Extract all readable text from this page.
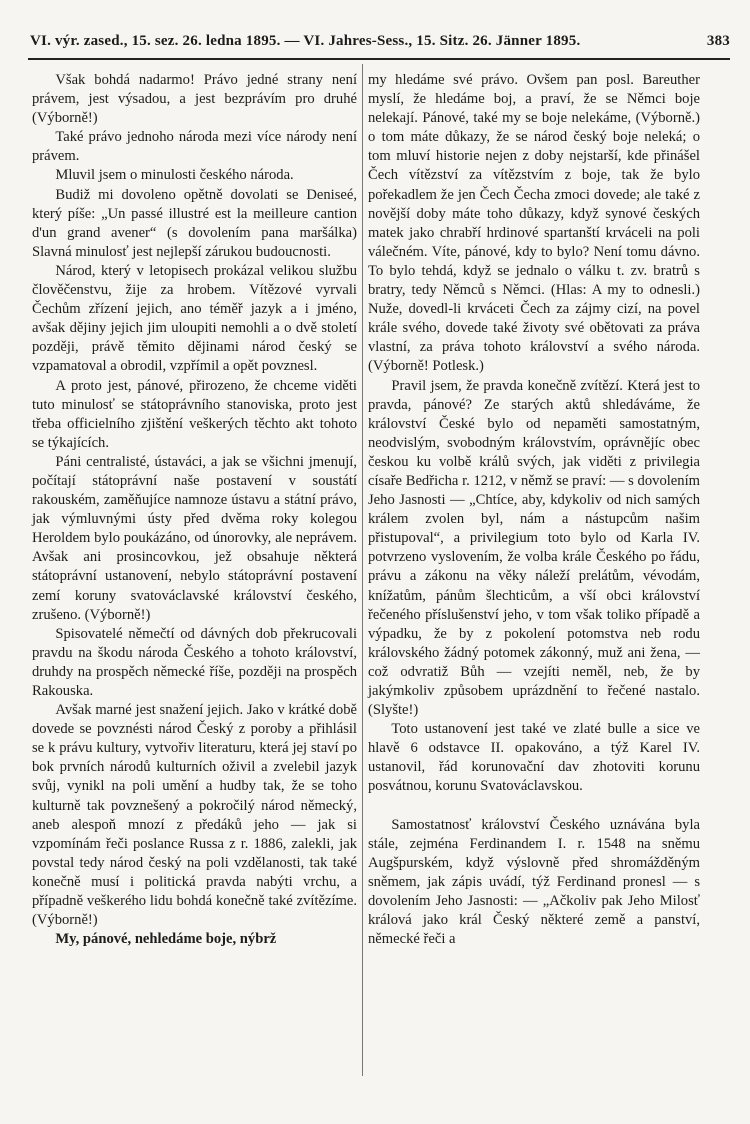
VI. výr. zased., 15. sez. 26. ledna 1895. — VI. Jahres-Sess., 15. Sitz. 26. Jänner 1895.	383

Však bohdá nadarmo! Právo jedné strany není právem, jest výsadou, a jest bezprávím pro druhé (Výborně!)

Také právo jednoho národa mezi více národy není právem.

Mluvil jsem o minulosti českého národa.

Budiž mi dovoleno opětně dovolati se Deniseé, který píše: „Un passé illustré est la meilleure cantion d'un grand avener“ (s dovolením pana maršálka) Slavná minulosť jest nejlepší zárukou budoucnosti.

Národ, který v letopisech prokázal velikou službu člověčenstvu, žije za hrobem. Vítězové vyrvali Čechům zřízení jejich, ano téměř jazyk a i jméno, avšak dějiny jejich jim uloupiti nemohli a o dvě století později, právě těmito dějinami národ český se vzpamatoval a obrodil, vzpřímil a opět povznesl.

A proto jest, pánové, přirozeno, že chceme viděti tuto minulosť se státoprávního stanoviska, proto jest třeba officielního zjištění veškerých těchto akt tohoto se týkajících.

Páni centralisté, ústaváci, a jak se všichni jmenují, počítají státoprávní naše postavení v soustátí rakouském, zaměňujíce namnoze ústavu a státní právo, jak výmluvnými ústy před dvěma roky kolegou Heroldem bylo poukázáno, od únorovky, ale neprávem. Avšak ani prosincovkou, jež obsahuje některá státoprávní ustanovení, nebylo státoprávní postavení zemí koruny svatováclavské království českého, zrušeno. (Výborně!)

Spisovatelé němečtí od dávných dob překrucovali pravdu na škodu národa Českého a tohoto království, druhdy na prospěch německé říše, později na prospěch Rakouska.

Avšak marné jest snažení jejich. Jako v krátké době dovede se povznésti národ Český z poroby a přihlásil se k právu kultury, vytvořiv literaturu, která jej staví po bok prvních národů kulturních oživil a zvelebil jazyk svůj, vynikl na poli umění a hudby tak, že se toho kulturně tak povznešený a pokročilý národ německý, aneb alespoň mnozí z předáků jeho — jak si vzpomínám řeči poslance Russa z r. 1886, zalekli, jak povstal tedy národ český na poli vzdělanosti, tak také konečně musí i politická pravda nabýti vrchu, a případně veškerého lidu bohdá konečně také zvítězíme. (Výborně!)

My, pánové, nehledáme boje, nýbrž

my hledáme své právo. Ovšem pan posl. Bareuther myslí, že hledáme boj, a praví, že se Němci boje nelekají. Pánové, také my se boje nelekáme, (Výborně.) o tom máte důkazy, že se národ český boje neleká; o tom mluví historie nejen z doby nejstarší, kde přinášel Čech vítězství za vítězstvím z boje, tak že bylo pořekadlem že jen Čech Čecha zmoci dovede; ale také z novější doby máte toho důkazy, když synové českých matek jako chrabří hrdinové spartanští krváceli na poli válečném. Víte, pánové, kdy to bylo? Není tomu dávno. To bylo tehdá, když se jednalo o válku t. zv. bratrů s bratry, tedy Němců s Němci. (Hlas: A my to odnesli.) Nuže, dovedl-li krváceti Čech za zájmy cizí, na povel krále svého, dovede také životy své obětovati za práva vlastní, za práva tohoto království a svého národa. (Výborně! Potlesk.)

Pravil jsem, že pravda konečně zvítězí. Která jest to pravda, pánové? Ze starých aktů shledáváme, že království České bylo od nepaměti samostatným, neodvislým, svobodným královstvím, oprávnějíc obec českou ku volbě králů svých, jak viděti z privilegia císaře Bedřicha r. 1212, v němž se praví: — s dovolením Jeho Jasnosti — „Chtíce, aby, kdykoliv od nich samých králem zvolen byl, nám a nástupcům našim přistupoval“, a privilegium toto bylo od Karla IV. potvrzeno vyslovením, že volba krále Českého po řádu, právu a zákonu na věky náleží prelátům, vévodám, knížatům, pánům šlechticům, a vší obci království řečeného příslušenství jeho, v tom však toliko případě a výpadku, že by z pokolení potomstva neb rodu královského žádný potomek zákonný, muž ani žena, — což odvratiž Bůh — vzejíti neměl, neb, že by jakýmkoliv způsobem uprázdnění to řečené nastalo. (Slyšte!)

Toto ustanovení jest také ve zlaté bulle a sice ve hlavě 6 odstavce II. opakováno, a týž Karel IV. ustanovil, řád korunovační dav zhotoviti korunu posvátnou, korunu Svatováclavskou.

Samostatnosť království Českého uznávána byla stále, zejména Ferdinandem I. r. 1548 na sněmu Augšpurském, když výslovně před shromážděným sněmem, jak zápis uvádí, týž Ferdinand pronesl — s dovolením Jeho Jasnosti: — „Ačkoliv pak Jeho Milosť králová jako král Český některé země a panství, německé řeči a
